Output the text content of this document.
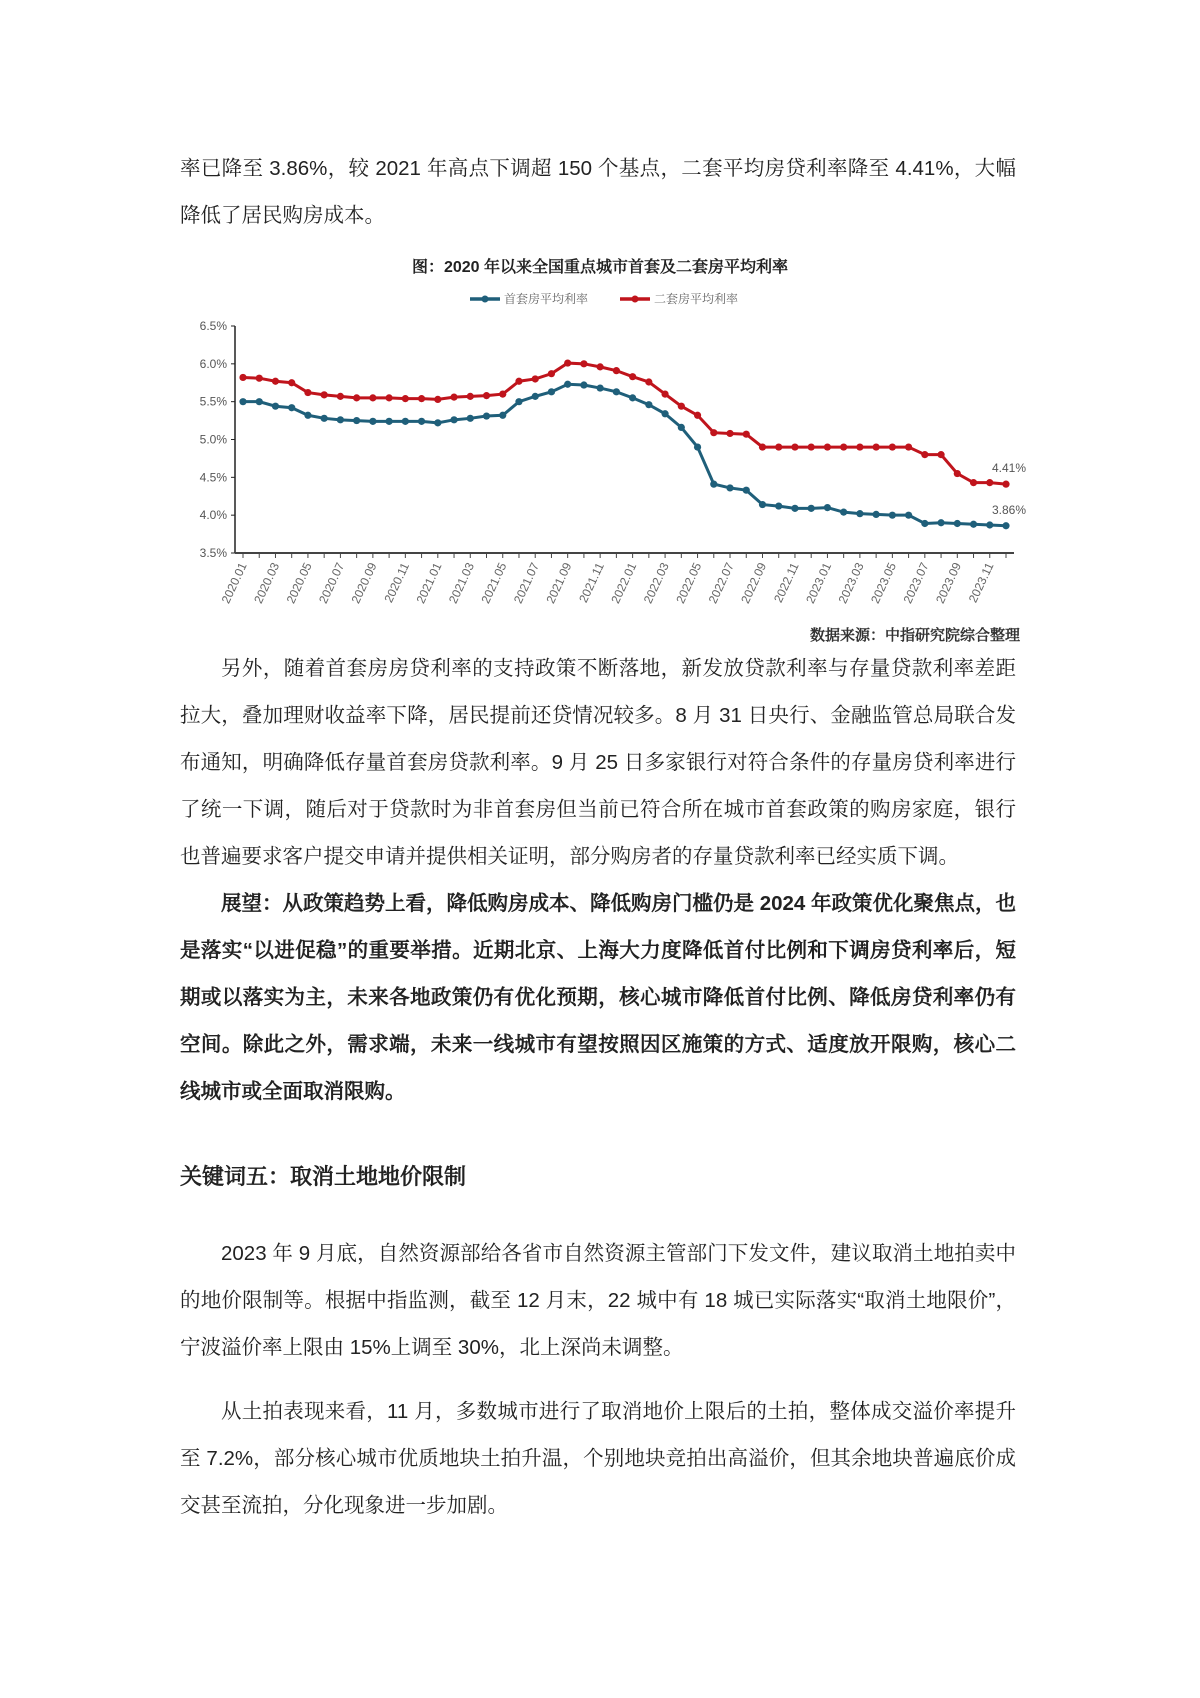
率已降至 3.86%，较 2021 年高点下调超 150 个基点，二套平均房贷利率降至 4.41%，大幅降低了居民购房成本。
图：2020 年以来全国重点城市首套及二套房平均利率
首套房平均利率	二套房平均利率
3.5%
4.0%
4.5%
5.0%
5.5%
6.0%
6.5%
2020.01 2020.03 2020.05 2020.07 2020.09 2020.11 2021.01 2021.03 2021.05 2021.07 2021.09 2021.11 2022.01 2022.03 2022.05 2022.07 2022.09 2022.11 2023.01 2023.03 2023.05 2023.07 2023.09 2023.11
3.86%
4.41%
数据来源：中指研究院综合整理
另外，随着首套房房贷利率的支持政策不断落地，新发放贷款利率与存量贷款利率差距拉大，叠加理财收益率下降，居民提前还贷情况较多。8 月 31 日央行、金融监管总局联合发布通知，明确降低存量首套房贷款利率。9 月 25 日多家银行对符合条件的存量房贷利率进行了统一下调，随后对于贷款时为非首套房但当前已符合所在城市首套政策的购房家庭，银行也普遍要求客户提交申请并提供相关证明，部分购房者的存量贷款利率已经实质下调。
展望：从政策趋势上看，降低购房成本、降低购房门槛仍是 2024 年政策优化聚焦点，也是落实“以进促稳”的重要举措。近期北京、上海大力度降低首付比例和下调房贷利率后，短期或以落实为主，未来各地政策仍有优化预期，核心城市降低首付比例、降低房贷利率仍有空间。除此之外，需求端，未来一线城市有望按照因区施策的方式、适度放开限购，核心二线城市或全面取消限购。
关键词五：取消土地地价限制
2023 年 9 月底，自然资源部给各省市自然资源主管部门下发文件，建议取消土地拍卖中的地价限制等。根据中指监测，截至 12 月末，22 城中有 18 城已实际落实“取消土地限价”，宁波溢价率上限由 15%上调至 30%，北上深尚未调整。
从土拍表现来看，11 月，多数城市进行了取消地价上限后的土拍，整体成交溢价率提升至 7.2%，部分核心城市优质地块土拍升温，个别地块竞拍出高溢价，但其余地块普遍底价成交甚至流拍，分化现象进一步加剧。
